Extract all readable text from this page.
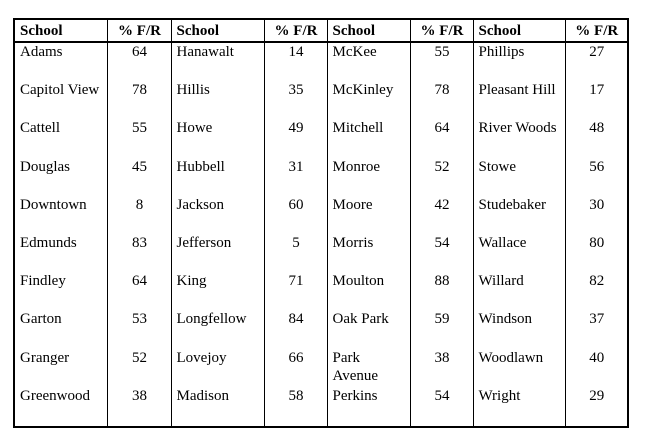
School	% F/R	School	% F/R	School	% F/R	School	% F/R
Adams	64	Hanawalt	14	McKee	55	Phillips	27
Capitol View	78	Hillis	35	McKinley	78	Pleasant Hill	17
Cattell	55	Howe	49	Mitchell	64	River Woods	48
Douglas	45	Hubbell	31	Monroe	52	Stowe	56
Downtown	8	Jackson	60	Moore	42	Studebaker	30
Edmunds	83	Jefferson	5	Morris	54	Wallace	80
Findley	64	King	71	Moulton	88	Willard	82
Garton	53	Longfellow	84	Oak Park	59	Windson	37
Granger	52	Lovejoy	66	Park Avenue	38	Woodlawn	40
Greenwood	38	Madison	58	Perkins	54	Wright	29
